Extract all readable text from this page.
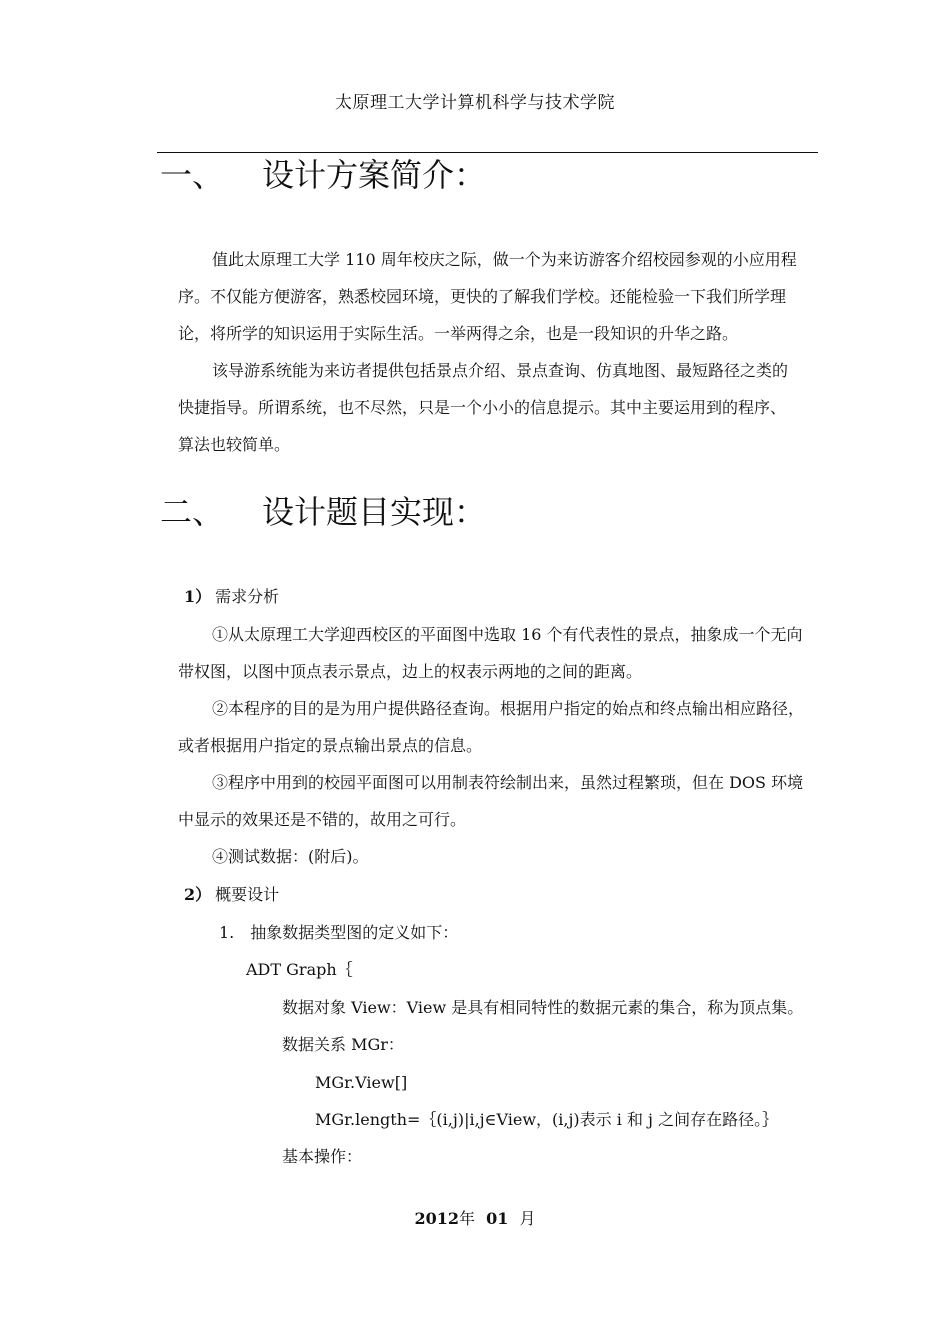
太原理工大学计算机科学与技术学院
一、 设计方案简介：
值此太原理工大学 110 周年校庆之际，做一个为来访游客介绍校园参观的小应用程
序。不仅能方便游客，熟悉校园环境，更快的了解我们学校。还能检验一下我们所学理
论，将所学的知识运用于实际生活。一举两得之余，也是一段知识的升华之路。
该导游系统能为来访者提供包括景点介绍、景点查询、仿真地图、最短路径之类的
快捷指导。所谓系统，也不尽然，只是一个小小的信息提示。其中主要运用到的程序、
算法也较简单。
二、 设计题目实现：
1） 需求分析
①从太原理工大学迎西校区的平面图中选取 16 个有代表性的景点，抽象成一个无向
带权图，以图中顶点表示景点，边上的权表示两地的之间的距离。
②本程序的目的是为用户提供路径查询。根据用户指定的始点和终点输出相应路径，
或者根据用户指定的景点输出景点的信息。
③程序中用到的校园平面图可以用制表符绘制出来，虽然过程繁琐，但在 DOS 环境
中显示的效果还是不错的，故用之可行。
④测试数据：(附后)。
2） 概要设计
1. 抽象数据类型图的定义如下：
ADT Graph｛
数据对象 View：View 是具有相同特性的数据元素的集合，称为顶点集。
数据关系 MGr：
MGr.View[]
MGr.length=｛(i,j)|i,j∈View，(i,j)表示 i 和 j 之间存在路径。｝
基本操作：
2012年 01 月
